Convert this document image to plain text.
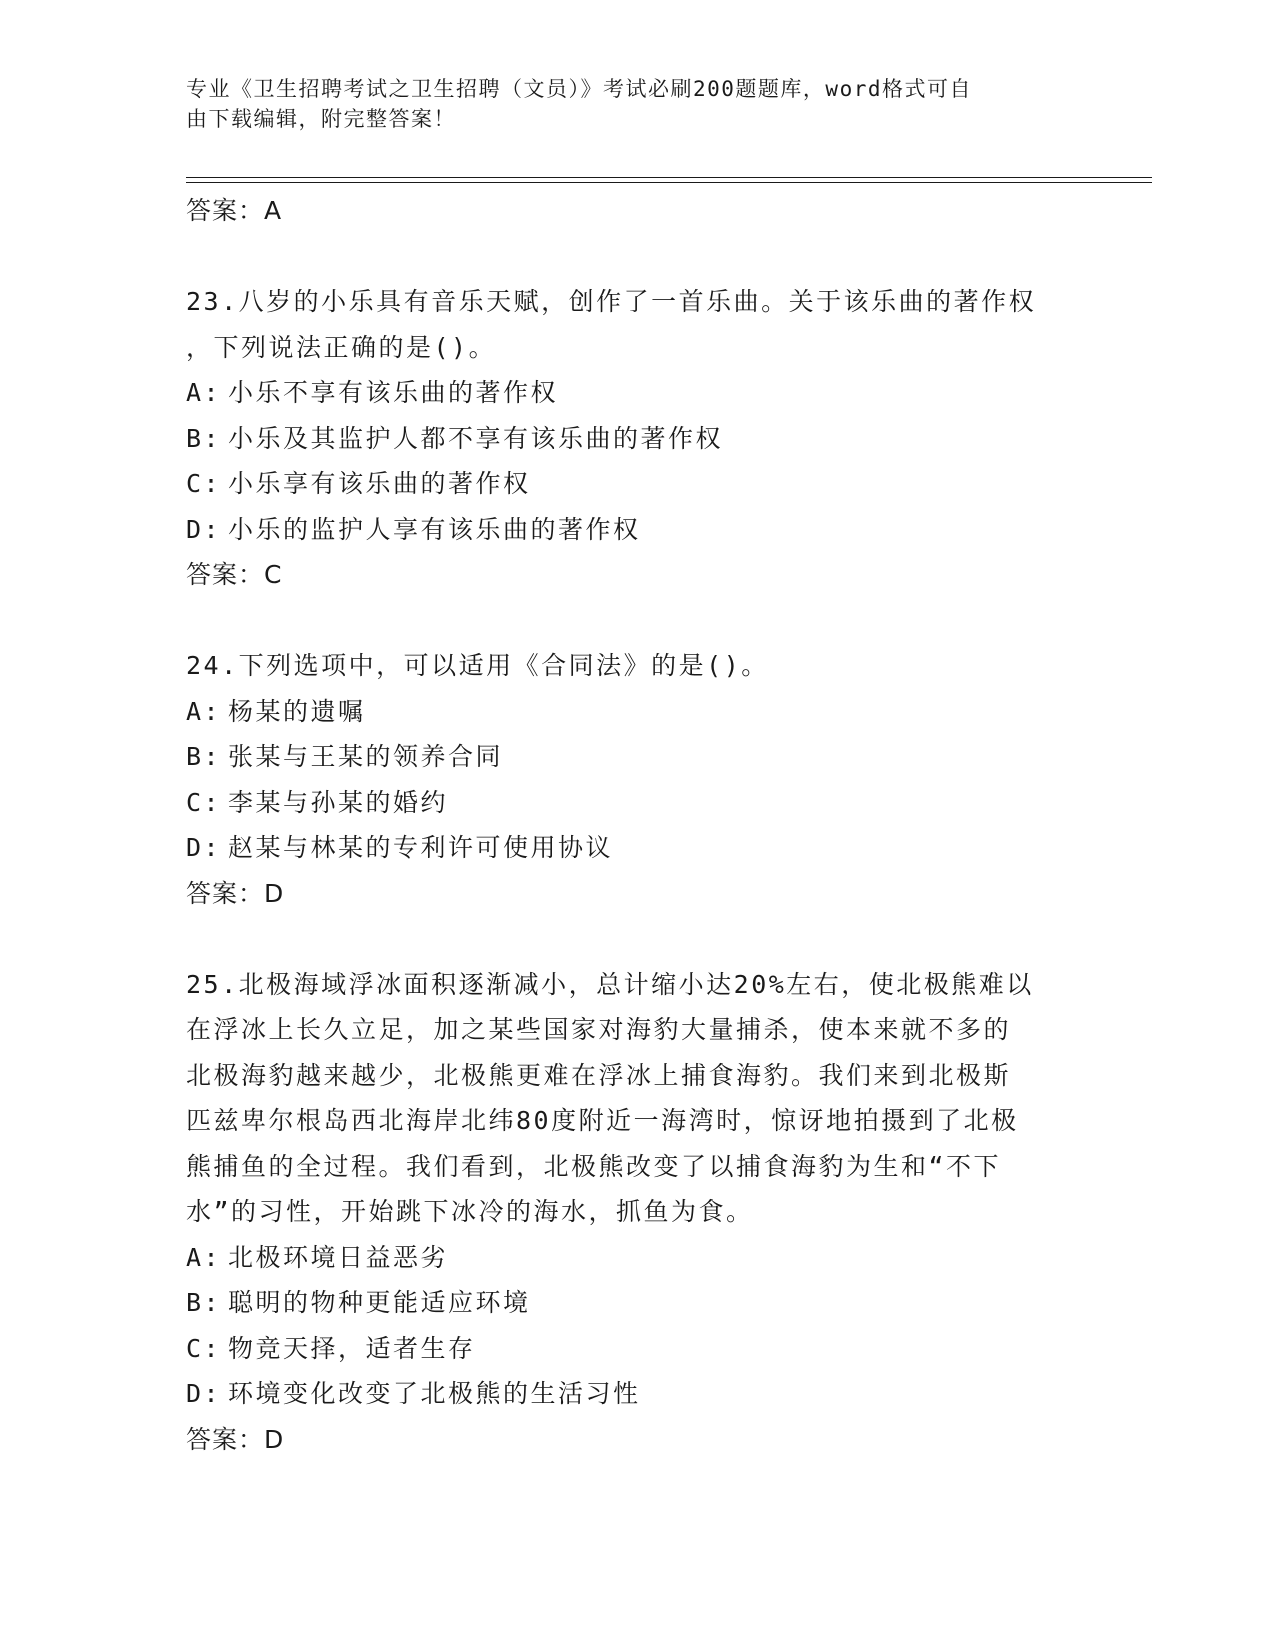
专业《卫生招聘考试之卫生招聘（文员）》考试必刷200题题库，word格式可自
由下载编辑，附完整答案！
答案：A
23.八岁的小乐具有音乐天赋，创作了一首乐曲。关于该乐曲的著作权
，下列说法正确的是()。
A: 小乐不享有该乐曲的著作权
B: 小乐及其监护人都不享有该乐曲的著作权
C: 小乐享有该乐曲的著作权
D: 小乐的监护人享有该乐曲的著作权
答案：C
24.下列选项中，可以适用《合同法》的是()。
A: 杨某的遗嘱
B: 张某与王某的领养合同
C: 李某与孙某的婚约
D: 赵某与林某的专利许可使用协议
答案：D
25.北极海域浮冰面积逐渐减小，总计缩小达20%左右，使北极熊难以
在浮冰上长久立足，加之某些国家对海豹大量捕杀，使本来就不多的
北极海豹越来越少，北极熊更难在浮冰上捕食海豹。我们来到北极斯
匹兹卑尔根岛西北海岸北纬80度附近一海湾时，惊讶地拍摄到了北极
熊捕鱼的全过程。我们看到，北极熊改变了以捕食海豹为生和“不下
水”的习性，开始跳下冰冷的海水，抓鱼为食。
A: 北极环境日益恶劣
B: 聪明的物种更能适应环境
C: 物竞天择，适者生存
D: 环境变化改变了北极熊的生活习性
答案：D
